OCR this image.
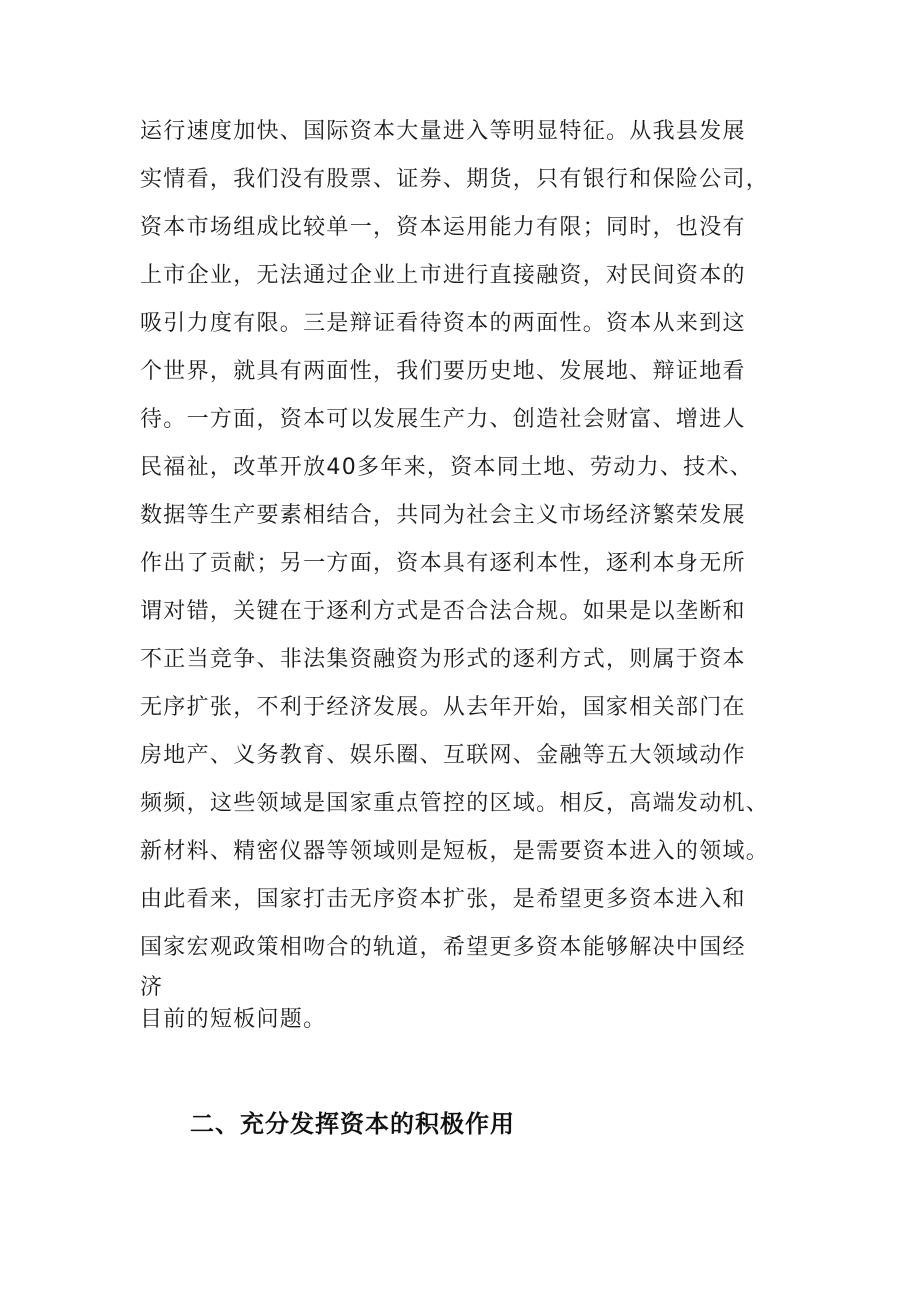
运行速度加快、国际资本大量进入等明显特征。从我县发展
实情看，我们没有股票、证券、期货，只有银行和保险公司，
资本市场组成比较单一，资本运用能力有限；同时，也没有
上市企业，无法通过企业上市进行直接融资，对民间资本的
吸引力度有限。三是辩证看待资本的两面性。资本从来到这
个世界，就具有两面性，我们要历史地、发展地、辩证地看
待。一方面，资本可以发展生产力、创造社会财富、增进人
民福祉，改革开放40多年来，资本同土地、劳动力、技术、
数据等生产要素相结合，共同为社会主义市场经济繁荣发展
作出了贡献；另一方面，资本具有逐利本性，逐利本身无所
谓对错，关键在于逐利方式是否合法合规。如果是以垄断和
不正当竞争、非法集资融资为形式的逐利方式，则属于资本
无序扩张，不利于经济发展。从去年开始，国家相关部门在
房地产、义务教育、娱乐圈、互联网、金融等五大领域动作
频频，这些领域是国家重点管控的区域。相反，高端发动机、
新材料、精密仪器等领域则是短板，是需要资本进入的领域。
由此看来，国家打击无序资本扩张，是希望更多资本进入和
国家宏观政策相吻合的轨道，希望更多资本能够解决中国经
济
目前的短板问题。
二、充分发挥资本的积极作用
